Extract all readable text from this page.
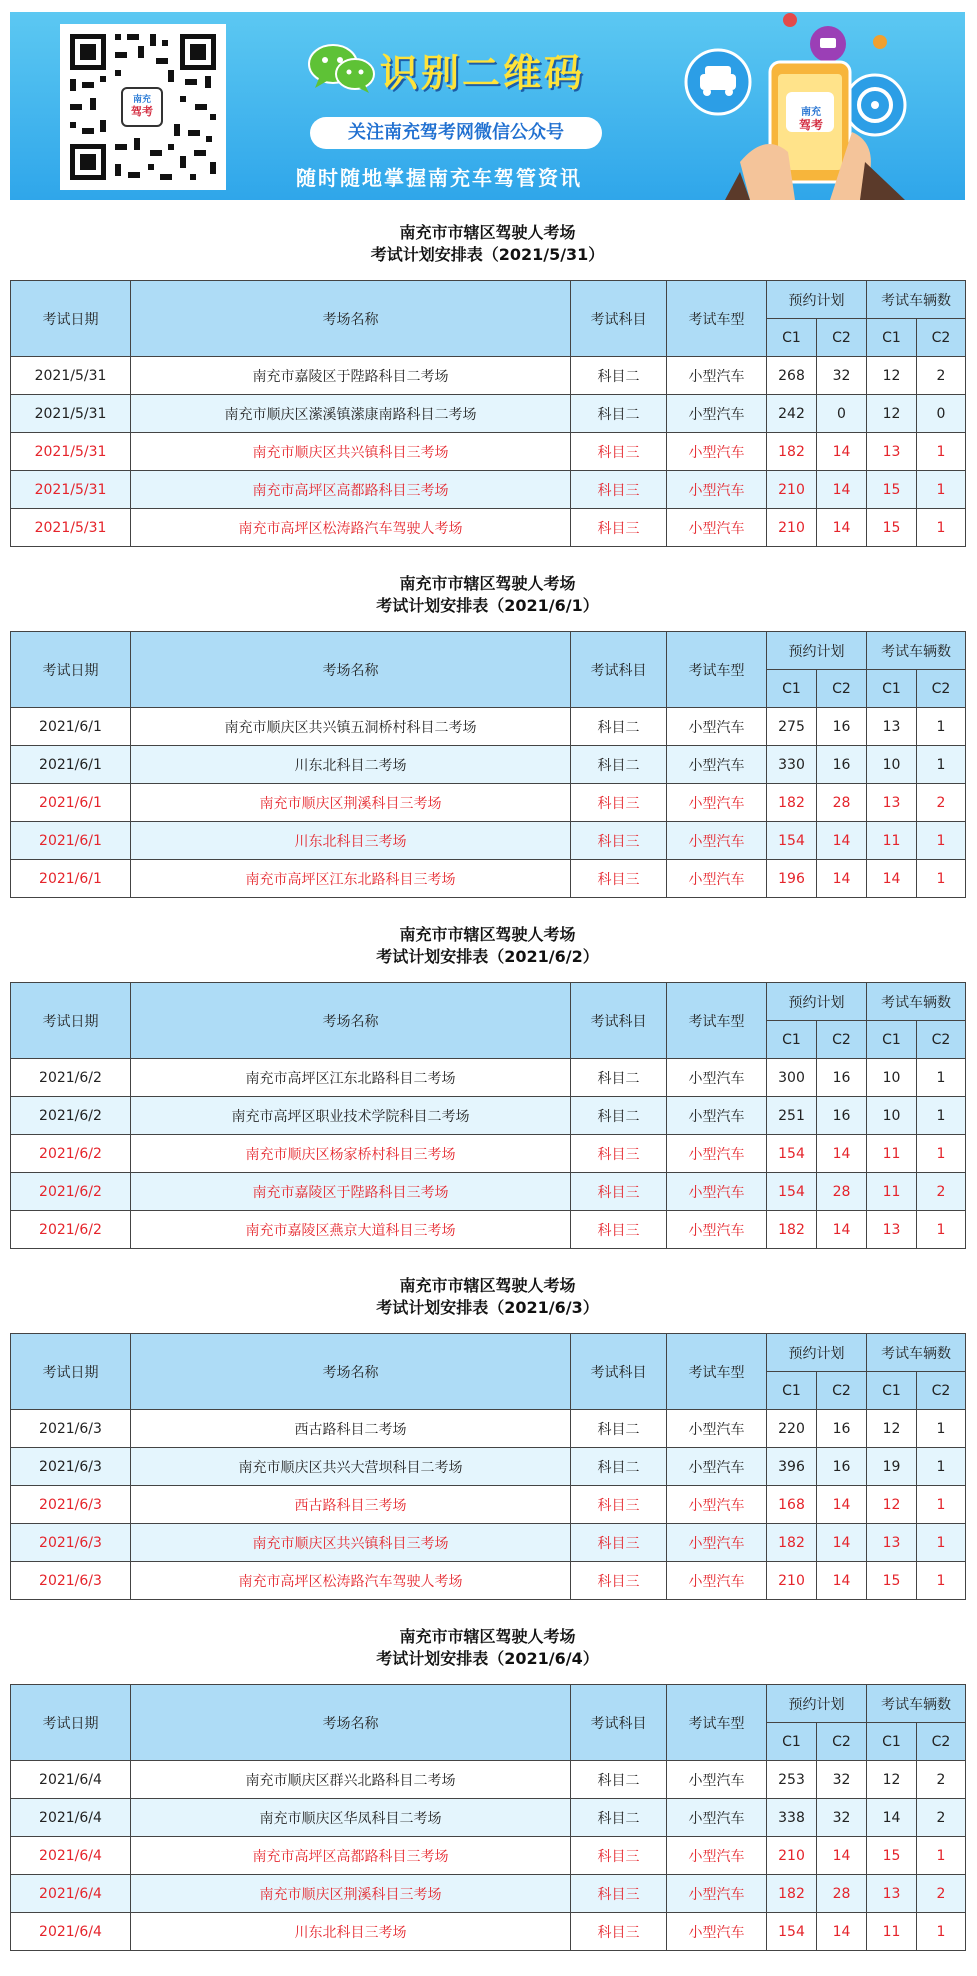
南充
驾考
识别二维码
关注南充驾考网微信公众号
随时随地掌握南充车驾管资讯
南充
驾考
南充市市辖区驾驶人考场
考试计划安排表（2021/5/31）
考试日期	考场名称	考试科目	考试车型	预约计划		考试车辆数	
				C1	C2	C1	C2
2021/5/31	南充市嘉陵区于陛路科目二考场	科目二	小型汽车	268	32	12	2
2021/5/31	南充市顺庆区潆溪镇潆康南路科目二考场	科目二	小型汽车	242	0	12	0
2021/5/31	南充市顺庆区共兴镇科目三考场	科目三	小型汽车	182	14	13	1
2021/5/31	南充市高坪区高都路科目三考场	科目三	小型汽车	210	14	15	1
2021/5/31	南充市高坪区松涛路汽车驾驶人考场	科目三	小型汽车	210	14	15	1
南充市市辖区驾驶人考场
考试计划安排表（2021/6/1）
考试日期	考场名称	考试科目	考试车型	预约计划		考试车辆数	
				C1	C2	C1	C2
2021/6/1	南充市顺庆区共兴镇五洞桥村科目二考场	科目二	小型汽车	275	16	13	1
2021/6/1	川东北科目二考场	科目二	小型汽车	330	16	10	1
2021/6/1	南充市顺庆区荆溪科目三考场	科目三	小型汽车	182	28	13	2
2021/6/1	川东北科目三考场	科目三	小型汽车	154	14	11	1
2021/6/1	南充市高坪区江东北路科目三考场	科目三	小型汽车	196	14	14	1
南充市市辖区驾驶人考场
考试计划安排表（2021/6/2）
考试日期	考场名称	考试科目	考试车型	预约计划		考试车辆数	
				C1	C2	C1	C2
2021/6/2	南充市高坪区江东北路科目二考场	科目二	小型汽车	300	16	10	1
2021/6/2	南充市高坪区职业技术学院科目二考场	科目二	小型汽车	251	16	10	1
2021/6/2	南充市顺庆区杨家桥村科目三考场	科目三	小型汽车	154	14	11	1
2021/6/2	南充市嘉陵区于陛路科目三考场	科目三	小型汽车	154	28	11	2
2021/6/2	南充市嘉陵区燕京大道科目三考场	科目三	小型汽车	182	14	13	1
南充市市辖区驾驶人考场
考试计划安排表（2021/6/3）
考试日期	考场名称	考试科目	考试车型	预约计划		考试车辆数	
				C1	C2	C1	C2
2021/6/3	西古路科目二考场	科目二	小型汽车	220	16	12	1
2021/6/3	南充市顺庆区共兴大营坝科目二考场	科目二	小型汽车	396	16	19	1
2021/6/3	西古路科目三考场	科目三	小型汽车	168	14	12	1
2021/6/3	南充市顺庆区共兴镇科目三考场	科目三	小型汽车	182	14	13	1
2021/6/3	南充市高坪区松涛路汽车驾驶人考场	科目三	小型汽车	210	14	15	1
南充市市辖区驾驶人考场
考试计划安排表（2021/6/4）
考试日期	考场名称	考试科目	考试车型	预约计划		考试车辆数	
				C1	C2	C1	C2
2021/6/4	南充市顺庆区群兴北路科目二考场	科目二	小型汽车	253	32	12	2
2021/6/4	南充市顺庆区华凤科目二考场	科目二	小型汽车	338	32	14	2
2021/6/4	南充市高坪区高都路科目三考场	科目三	小型汽车	210	14	15	1
2021/6/4	南充市顺庆区荆溪科目三考场	科目三	小型汽车	182	28	13	2
2021/6/4	川东北科目三考场	科目三	小型汽车	154	14	11	1
